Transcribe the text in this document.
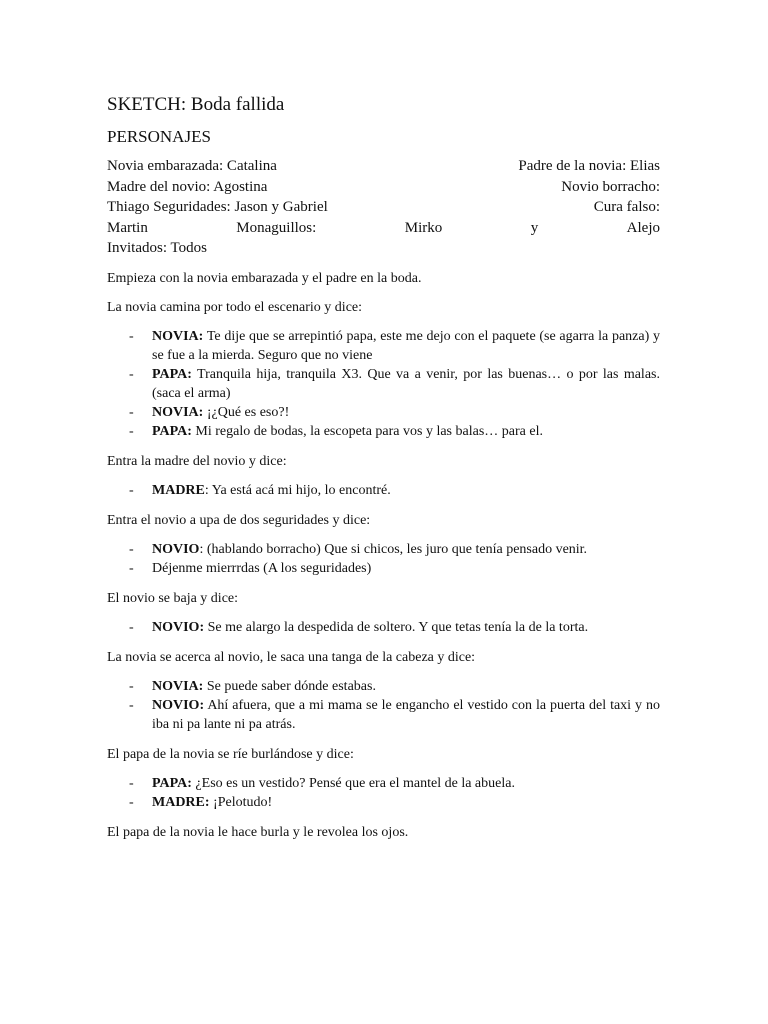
SKETCH: Boda fallida
PERSONAJES
Novia embarazada: Catalina	Padre de la novia: Elias
Madre del novio: Agostina	Novio borracho:
Thiago Seguridades: Jason y Gabriel	Cura falso:
Martin	Monaguillos:	Mirko	y	Alejo
Invitados: Todos

Empieza con la novia embarazada y el padre en la boda.

La novia camina por todo el escenario y dice:

- NOVIA: Te dije que se arrepintió papa, este me dejo con el paquete (se agarra la panza) y se fue a la mierda. Seguro que no viene
- PAPA: Tranquila hija, tranquila X3. Que va a venir, por las buenas… o por las malas. (saca el arma)
- NOVIA: ¡¿Qué es eso?!
- PAPA: Mi regalo de bodas, la escopeta para vos y las balas… para el.

Entra la madre del novio y dice:

- MADRE: Ya está acá mi hijo, lo encontré.

Entra el novio a upa de dos seguridades y dice:

- NOVIO: (hablando borracho) Que si chicos, les juro que tenía pensado venir.
- Déjenme mierrrdas (A los seguridades)

El novio se baja y dice:

- NOVIO: Se me alargo la despedida de soltero. Y que tetas tenía la de la torta.

La novia se acerca al novio, le saca una tanga de la cabeza y dice:

- NOVIA: Se puede saber dónde estabas.
- NOVIO: Ahí afuera, que a mi mama se le engancho el vestido con la puerta del taxi y no iba ni pa lante ni pa atrás.

El papa de la novia se ríe burlándose y dice:

- PAPA: ¿Eso es un vestido? Pensé que era el mantel de la abuela.
- MADRE: ¡Pelotudo!

El papa de la novia le hace burla y le revolea los ojos.
